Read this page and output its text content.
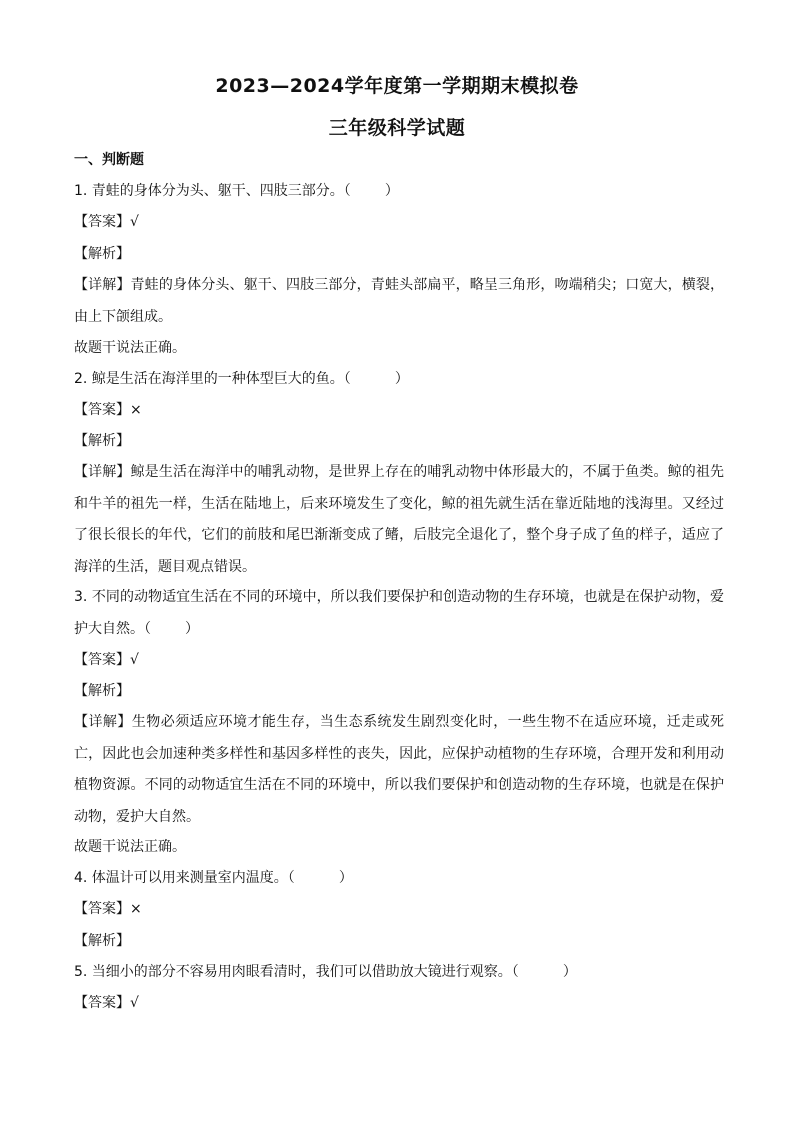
2023—2024学年度第一学期期末模拟卷
三年级科学试题
一、判断题
1. 青蛙的身体分为头、躯干、四肢三部分。（ ）
【答案】√
【解析】
【详解】青蛙的身体分头、躯干、四肢三部分，青蛙头部扁平，略呈三角形，吻端稍尖；口宽大，横裂，由上下颌组成。
故题干说法正确。
2. 鲸是生活在海洋里的一种体型巨大的鱼。（	）
【答案】×
【解析】
【详解】鲸是生活在海洋中的哺乳动物，是世界上存在的哺乳动物中体形最大的，不属于鱼类。鲸的祖先和牛羊的祖先一样，生活在陆地上，后来环境发生了变化，鲸的祖先就生活在靠近陆地的浅海里。又经过了很长很长的年代，它们的前肢和尾巴渐渐变成了鳍，后肢完全退化了，整个身子成了鱼的样子，适应了海洋的生活，题目观点错误。
3. 不同的动物适宜生活在不同的环境中，所以我们要保护和创造动物的生存环境，也就是在保护动物，爱护大自然。（ ）
【答案】√
【解析】
【详解】生物必须适应环境才能生存，当生态系统发生剧烈变化时，一些生物不在适应环境，迁走或死亡，因此也会加速种类多样性和基因多样性的丧失，因此，应保护动植物的生存环境，合理开发和利用动植物资源。不同的动物适宜生活在不同的环境中，所以我们要保护和创造动物的生存环境，也就是在保护动物，爱护大自然。
故题干说法正确。
4. 体温计可以用来测量室内温度。（	）
【答案】×
【解析】
5. 当细小的部分不容易用肉眼看清时，我们可以借助放大镜进行观察。（	）
【答案】√
